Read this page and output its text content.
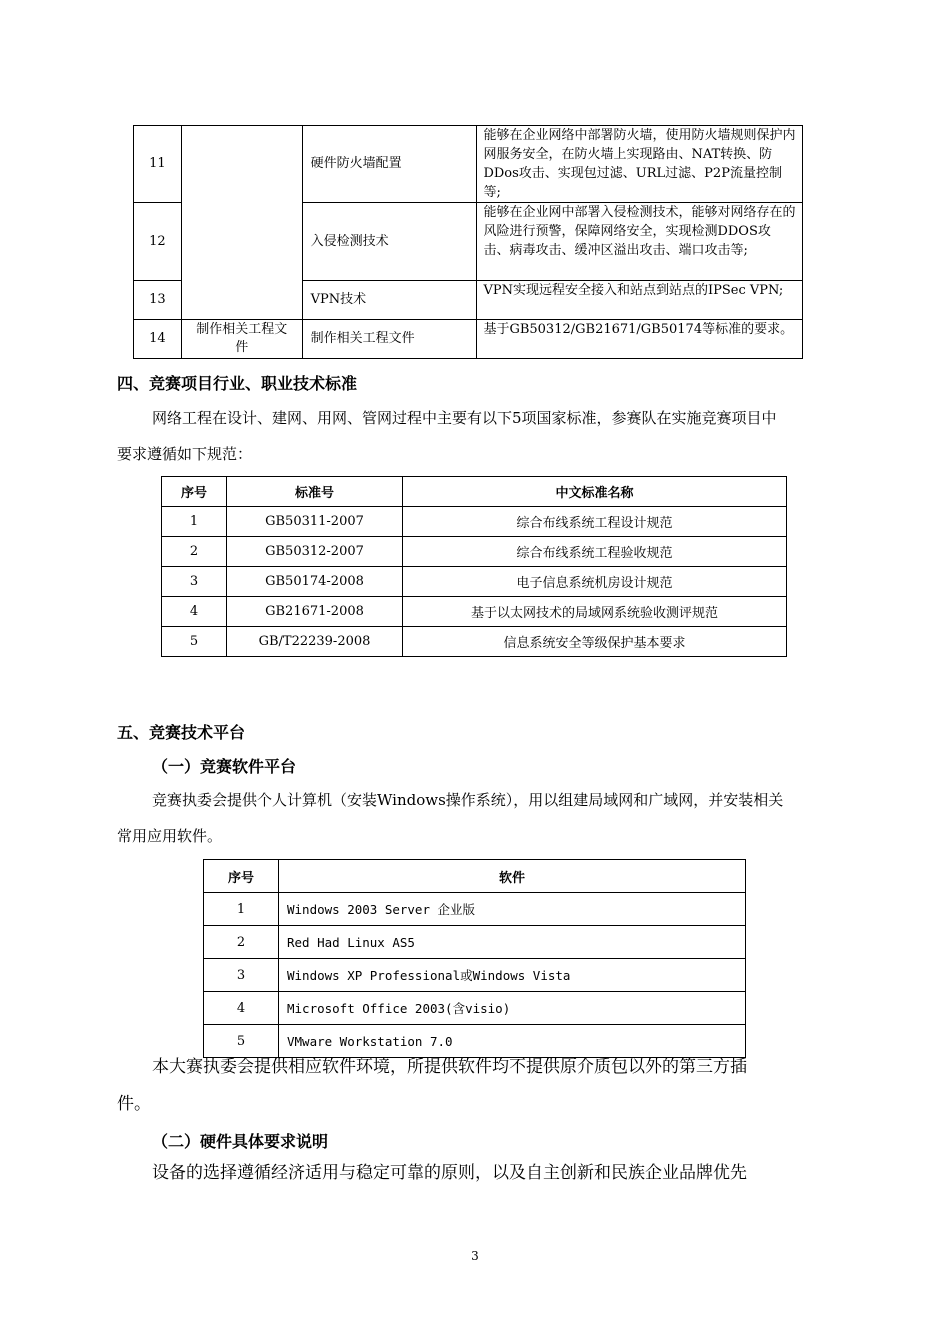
11		硬件防火墙配置	能够在企业网络中部署防火墙，使用防火墙规则保护内网服务安全，在防火墙上实现路由、NAT转换、防DDos攻击、实现包过滤、URL过滤、P2P流量控制等;
12		入侵检测技术	能够在企业网中部署入侵检测技术，能够对网络存在的风险进行预警，保障网络安全，实现检测DDOS攻击、病毒攻击、缓冲区溢出攻击、端口攻击等;
13		VPN技术	VPN实现远程安全接入和站点到站点的IPSec VPN;
14	制作相关工程文件	制作相关工程文件	基于GB50312/GB21671/GB50174等标准的要求。
四、竞赛项目行业、职业技术标准
网络工程在设计、建网、用网、管网过程中主要有以下5项国家标准，参赛队在实施竞赛项目中
要求遵循如下规范：
序号	标准号	中文标准名称
1	GB50311-2007	综合布线系统工程设计规范
2	GB50312-2007	综合布线系统工程验收规范
3	GB50174-2008	电子信息系统机房设计规范
4	GB21671-2008	基于以太网技术的局域网系统验收测评规范
5	GB/T22239-2008	信息系统安全等级保护基本要求
五、竞赛技术平台
（一）竞赛软件平台
竞赛执委会提供个人计算机（安装Windows操作系统），用以组建局域网和广域网，并安装相关
常用应用软件。
序号	软件
1	Windows 2003 Server 企业版
2	Red Had Linux AS5
3	Windows XP Professional或Windows Vista
4	Microsoft Office 2003(含visio)
5	VMware Workstation 7.0
本大赛执委会提供相应软件环境，所提供软件均不提供原介质包以外的第三方插
件。
（二）硬件具体要求说明
设备的选择遵循经济适用与稳定可靠的原则，以及自主创新和民族企业品牌优先
3
